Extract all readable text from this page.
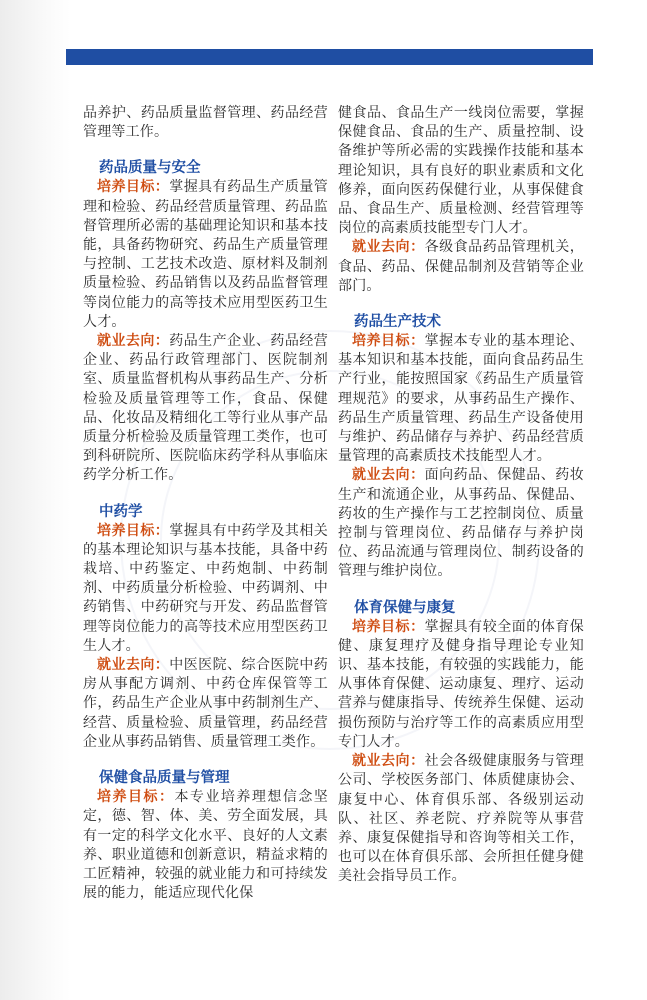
品养护、药品质量监督管理、药品经营管理等工作。

药品质量与安全

培养目标：掌握具有药品生产质量管理和检验、药品经营质量管理、药品监督管理所必需的基础理论知识和基本技能，具备药物研究、药品生产质量管理与控制、工艺技术改造、原材料及制剂质量检验、药品销售以及药品监督管理等岗位能力的高等技术应用型医药卫生人才。

就业去向：药品生产企业、药品经营企业、药品行政管理部门、医院制剂室、质量监督机构从事药品生产、分析检验及质量管理等工作，食品、保健品、化妆品及精细化工等行业从事产品质量分析检验及质量管理工类作，也可到科研院所、医院临床药学科从事临床药学分析工作。

中药学

培养目标：掌握具有中药学及其相关的基本理论知识与基本技能，具备中药栽培、中药鉴定、中药炮制、中药制剂、中药质量分析检验、中药调剂、中药销售、中药研究与开发、药品监督管理等岗位能力的高等技术应用型医药卫生人才。

就业去向：中医医院、综合医院中药房从事配方调剂、中药仓库保管等工作，药品生产企业从事中药制剂生产、经营、质量检验、质量管理，药品经营企业从事药品销售、质量管理工类作。

保健食品质量与管理

培养目标：本专业培养理想信念坚定，德、智、体、美、劳全面发展，具有一定的科学文化水平、良好的人文素养、职业道德和创新意识，精益求精的工匠精神，较强的就业能力和可持续发展的能力，能适应现代化保

健食品、食品生产一线岗位需要，掌握保健食品、食品的生产、质量控制、设备维护等所必需的实践操作技能和基本理论知识，具有良好的职业素质和文化修养，面向医药保健行业，从事保健食品、食品生产、质量检测、经营管理等岗位的高素质技能型专门人才。

就业去向：各级食品药品管理机关，食品、药品、保健品制剂及营销等企业部门。

药品生产技术

培养目标：掌握本专业的基本理论、基本知识和基本技能，面向食品药品生产行业，能按照国家《药品生产质量管理规范》的要求，从事药品生产操作、药品生产质量管理、药品生产设备使用与维护、药品储存与养护、药品经营质量管理的高素质技术技能型人才。

就业去向：面向药品、保健品、药妆生产和流通企业，从事药品、保健品、药妆的生产操作与工艺控制岗位、质量控制与管理岗位、药品储存与养护岗位、药品流通与管理岗位、制药设备的管理与维护岗位。

体育保健与康复

培养目标：掌握具有较全面的体育保健、康复理疗及健身指导理论专业知识、基本技能，有较强的实践能力，能从事体育保健、运动康复、理疗、运动营养与健康指导、传统养生保健、运动损伤预防与治疗等工作的高素质应用型专门人才。

就业去向：社会各级健康服务与管理公司、学校医务部门、体质健康协会、康复中心、体育俱乐部、各级别运动队、社区、养老院、疗养院等从事营养、康复保健指导和咨询等相关工作，也可以在体育俱乐部、会所担任健身健美社会指导员工作。
